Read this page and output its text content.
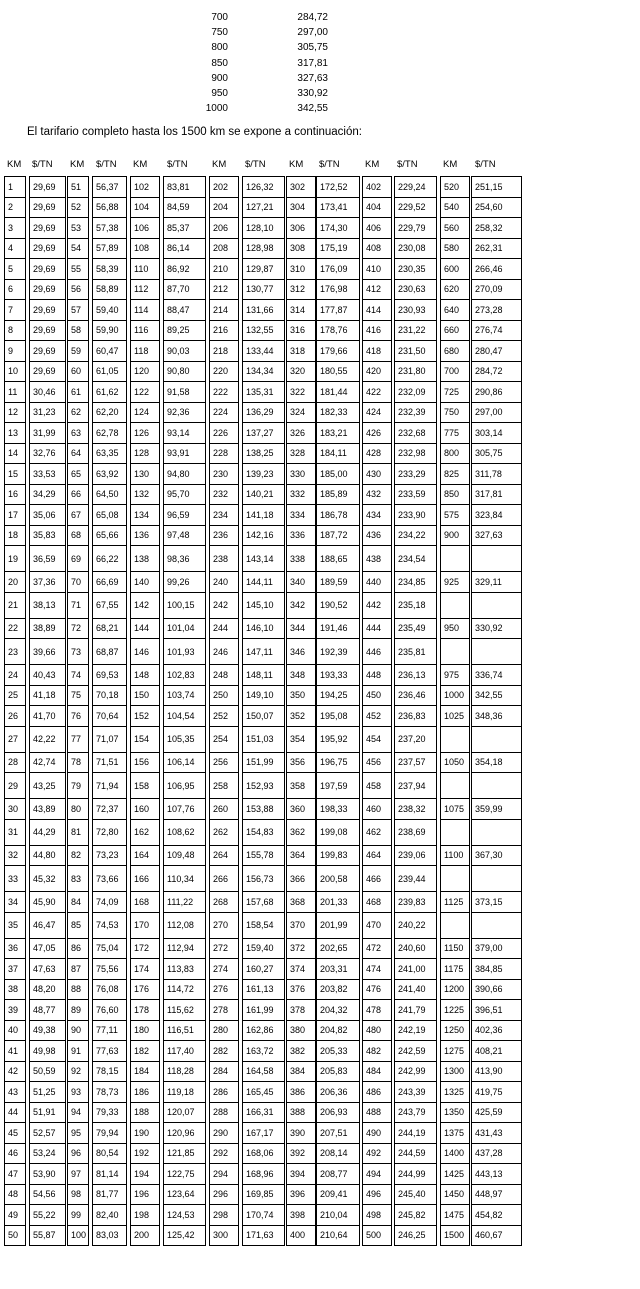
700	284,72
750	297,00
800	305,75
850	317,81
900	327,63
950	330,92
1000	342,55
El tarifario completo hasta los 1500 km se expone a continuación:
KM $/TN KM $/TN KM $/TN	KM $/TN KM $/TN	KM $/TN	KM $/TN
1	29,69	51	56,37	102	83,81	202	126,32	302	172,52	402	229,24	520	251,15
2	29,69	52	56,88	104	84,59	204	127,21	304	173,41	404	229,52	540	254,60
3	29,69	53	57,38	106	85,37	206	128,10	306	174,30	406	229,79	560	258,32
4	29,69	54	57,89	108	86,14	208	128,98	308	175,19	408	230,08	580	262,31
5	29,69	55	58,39	110	86,92	210	129,87	310	176,09	410	230,35	600	266,46
6	29,69	56	58,89	112	87,70	212	130,77	312	176,98	412	230,63	620	270,09
7	29,69	57	59,40	114	88,47	214	131,66	314	177,87	414	230,93	640	273,28
8	29,69	58	59,90	116	89,25	216	132,55	316	178,76	416	231,22	660	276,74
9	29,69	59	60,47	118	90,03	218	133,44	318	179,66	418	231,50	680	280,47
10	29,69	60	61,05	120	90,80	220	134,34	320	180,55	420	231,80	700	284,72
11	30,46	61	61,62	122	91,58	222	135,31	322	181,44	422	232,09	725	290,86
12	31,23	62	62,20	124	92,36	224	136,29	324	182,33	424	232,39	750	297,00
13	31,99	63	62,78	126	93,14	226	137,27	326	183,21	426	232,68	775	303,14
14	32,76	64	63,35	128	93,91	228	138,25	328	184,11	428	232,98	800	305,75
15	33,53	65	63,92	130	94,80	230	139,23	330	185,00	430	233,29	825	311,78
16	34,29	66	64,50	132	95,70	232	140,21	332	185,89	432	233,59	850	317,81
17	35,06	67	65,08	134	96,59	234	141,18	334	186,78	434	233,90	575	323,84
18	35,83	68	65,66	136	97,48	236	142,16	336	187,72	436	234,22	900	327,63
19	36,59	69	66,22	138	98,36	238	143,14	338	188,65	438	234,54
20	37,36	70	66,69	140	99,26	240	144,11	340	189,59	440	234,85	925	329,11
21	38,13	71	67,55	142	100,15	242	145,10	342	190,52	442	235,18
22	38,89	72	68,21	144	101,04	244	146,10	344	191,46	444	235,49	950	330,92
23	39,66	73	68,87	146	101,93	246	147,11	346	192,39	446	235,81
24	40,43	74	69,53	148	102,83	248	148,11	348	193,33	448	236,13	975	336,74
25	41,18	75	70,18	150	103,74	250	149,10	350	194,25	450	236,46	1000	342,55
26	41,70	76	70,64	152	104,54	252	150,07	352	195,08	452	236,83	1025	348,36
27	42,22	77	71,07	154	105,35	254	151,03	354	195,92	454	237,20
28	42,74	78	71,51	156	106,14	256	151,99	356	196,75	456	237,57	1050	354,18
29	43,25	79	71,94	158	106,95	258	152,93	358	197,59	458	237,94
30	43,89	80	72,37	160	107,76	260	153,88	360	198,33	460	238,32	1075	359,99
31	44,29	81	72,80	162	108,62	262	154,83	362	199,08	462	238,69
32	44,80	82	73,23	164	109,48	264	155,78	364	199,83	464	239,06	1100	367,30
33	45,32	83	73,66	166	110,34	266	156,73	366	200,58	466	239,44
34	45,90	84	74,09	168	111,22	268	157,68	368	201,33	468	239,83	1125	373,15
35	46,47	85	74,53	170	112,08	270	158,54	370	201,99	470	240,22
36	47,05	86	75,04	172	112,94	272	159,40	372	202,65	472	240,60	1150	379,00
37	47,63	87	75,56	174	113,83	274	160,27	374	203,31	474	241,00	1175	384,85
38	48,20	88	76,08	176	114,72	276	161,13	376	203,82	476	241,40	1200	390,66
39	48,77	89	76,60	178	115,62	278	161,99	378	204,32	478	241,79	1225	396,51
40	49,38	90	77,11	180	116,51	280	162,86	380	204,82	480	242,19	1250	402,36
41	49,98	91	77,63	182	117,40	282	163,72	382	205,33	482	242,59	1275	408,21
42	50,59	92	78,15	184	118,28	284	164,58	384	205,83	484	242,99	1300	413,90
43	51,25	93	78,73	186	119,18	286	165,45	386	206,36	486	243,39	1325	419,75
44	51,91	94	79,33	188	120,07	288	166,31	388	206,93	488	243,79	1350	425,59
45	52,57	95	79,94	190	120,96	290	167,17	390	207,51	490	244,19	1375	431,43
46	53,24	96	80,54	192	121,85	292	168,06	392	208,14	492	244,59	1400	437,28
47	53,90	97	81,14	194	122,75	294	168,96	394	208,77	494	244,99	1425	443,13
48	54,56	98	81,77	196	123,64	296	169,85	396	209,41	496	245,40	1450	448,97
49	55,22	99	82,40	198	124,53	298	170,74	398	210,04	498	245,82	1475	454,82
50	55,87	100	83,03	200	125,42	300	171,63	400	210,64	500	246,25	1500	460,67
